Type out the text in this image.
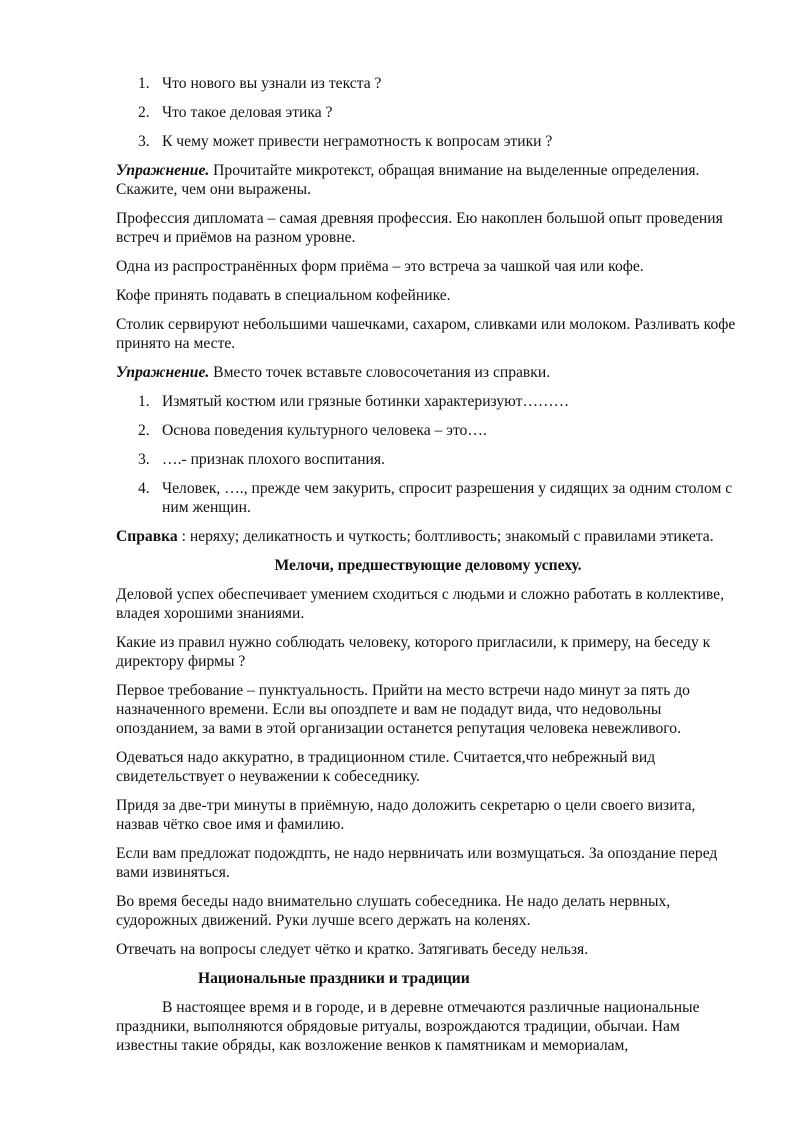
1. Что нового вы узнали из текста ?
2. Что такое деловая этика ?
3. К чему может привести неграмотность к вопросам этики ?

Упражнение. Прочитайте микротекст, обращая внимание на выделенные определения. Скажите, чем они выражены.

Профессия дипломата – самая древняя профессия. Ею накоплен большой опыт проведения встреч и приёмов на разном уровне.

Одна из распространённых форм приёма – это встреча за чашкой чая или кофе.

Кофе принять подавать в специальном кофейнике.

Столик сервируют небольшими чашечками, сахаром, сливками или молоком. Разливать кофе принято на месте.

Упражнение. Вместо точек вставьте словосочетания из справки.

1. Измятый костюм или грязные ботинки характеризуют………
2. Основа поведения культурного человека – это….
3. ….- признак плохого воспитания.
4. Человек, …., прежде чем закурить, спросит разрешения у сидящих за одним столом с ним женщин.

Справка : неряху; деликатность и чуткость; болтливость; знакомый с правилами этикета.

Мелочи, предшествующие деловому успеху.

Деловой успех обеспечивает умением сходиться с людьми и сложно работать в коллективе, владея хорошими знаниями.

Какие из правил нужно соблюдать человеку, которого пригласили, к примеру, на беседу к директору фирмы ?

Первое требование – пунктуальность. Прийти на место встречи надо минут за пять до назначенного времени. Если вы опоздпете и вам не подадут вида, что недовольны опозданием, за вами в этой организации останется репутация человека невежливого.

Одеваться надо аккуратно, в традиционном стиле. Считается,что небрежный вид свидетельствует о неуважении к собеседнику.

Придя за две-три минуты в приёмную, надо доложить секретарю о цели своего визита, назвав чётко свое имя и фамилию.

Если вам предложат подождпть, не надо нервничать или возмущаться. За опоздание перед вами извиняться.

Во время беседы надо внимательно слушать собеседника. Не надо делать нервных, судорожных движений. Руки лучше всего держать на коленях.

Отвечать на вопросы следует чётко и кратко. Затягивать беседу нельзя.

Национальные праздники и традиции

В настоящее время и в городе, и в деревне отмечаются различные национальные праздники, выполняются обрядовые ритуалы, возрождаются традиции, обычаи. Нам известны такие обряды, как возложение венков к памятникам и мемориалам,
